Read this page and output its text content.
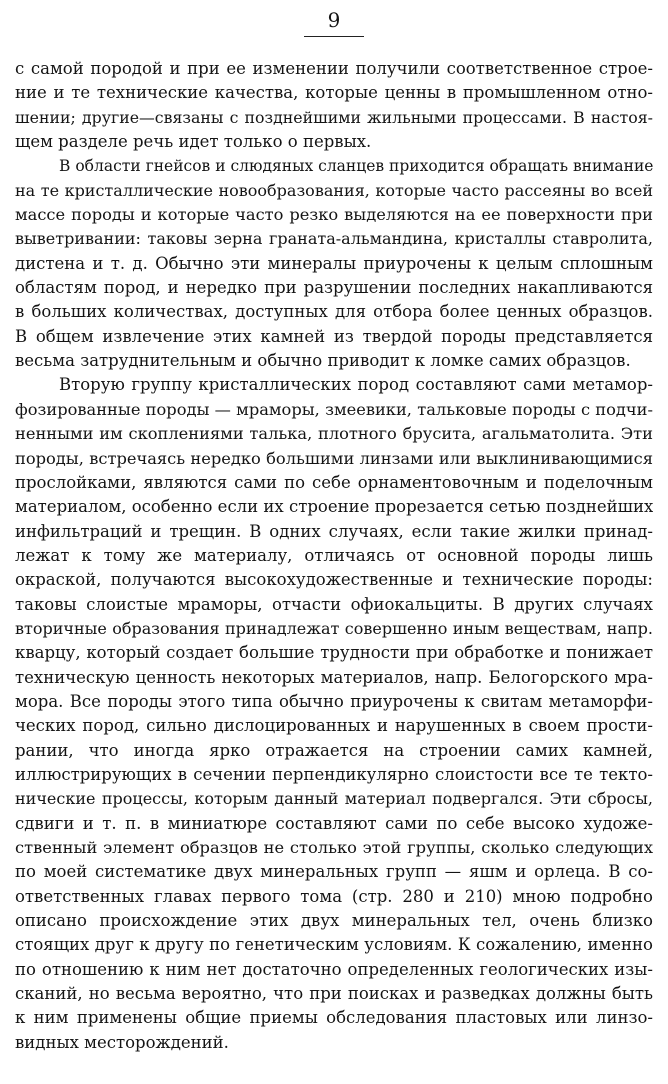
9
с самой породой и при ее изменении получили соответственное строе-
ние и те технические качества, которые ценны в промышленном отно-
шении; другие—связаны с позднейшими жильными процессами. В настоя-
щем разделе речь идет только о первых.
В области гнейсов и слюдяных сланцев приходится обращать внимание
на те кристаллические новообразования, которые часто рассеяны во всей
массе породы и которые часто резко выделяются на ее поверхности при
выветривании: таковы зерна граната-альмандина, кристаллы ставролита,
дистена и т. д. Обычно эти минералы приурочены к целым сплошным
областям пород, и нередко при разрушении последних накапливаются
в больших количествах, доступных для отбора более ценных образцов.
В общем извлечение этих камней из твердой породы представляется
весьма затруднительным и обычно приводит к ломке самих образцов.
Вторую группу кристаллических пород составляют сами метамор-
фозированные породы — мраморы, змеевики, тальковые породы с подчи-
ненными им скоплениями талька, плотного брусита, агальматолита. Эти
породы, встречаясь нередко большими линзами или выклинивающимися
прослойками, являются сами по себе орнаментовочным и поделочным
материалом, особенно если их строение прорезается сетью позднейших
инфильтраций и трещин. В одних случаях, если такие жилки принад-
лежат к тому же материалу, отличаясь от основной породы лишь
окраской, получаются высокохудожественные и технические породы:
таковы слоистые мраморы, отчасти офиокальциты. В других случаях
вторичные образования принадлежат совершенно иным веществам, напр.
кварцу, который создает большие трудности при обработке и понижает
техническую ценность некоторых материалов, напр. Белогорского мра-
мора. Все породы этого типа обычно приурочены к свитам метаморфи-
ческих пород, сильно дислоцированных и нарушенных в своем прости-
рании, что иногда ярко отражается на строении самих камней,
иллюстрирующих в сечении перпендикулярно слоистости все те текто-
нические процессы, которым данный материал подвергался. Эти сбросы,
сдвиги и т. п. в миниатюре составляют сами по себе высоко художе-
ственный элемент образцов не столько этой группы, сколько следующих
по моей систематике двух минеральных групп — яшм и орлеца. В со-
ответственных главах первого тома (стр. 280 и 210) мною подробно
описано происхождение этих двух минеральных тел, очень близко
стоящих друг к другу по генетическим условиям. К сожалению, именно
по отношению к ним нет достаточно определенных геологических изы-
сканий, но весьма вероятно, что при поисках и разведках должны быть
к ним применены общие приемы обследования пластовых или линзо-
видных месторождений.
